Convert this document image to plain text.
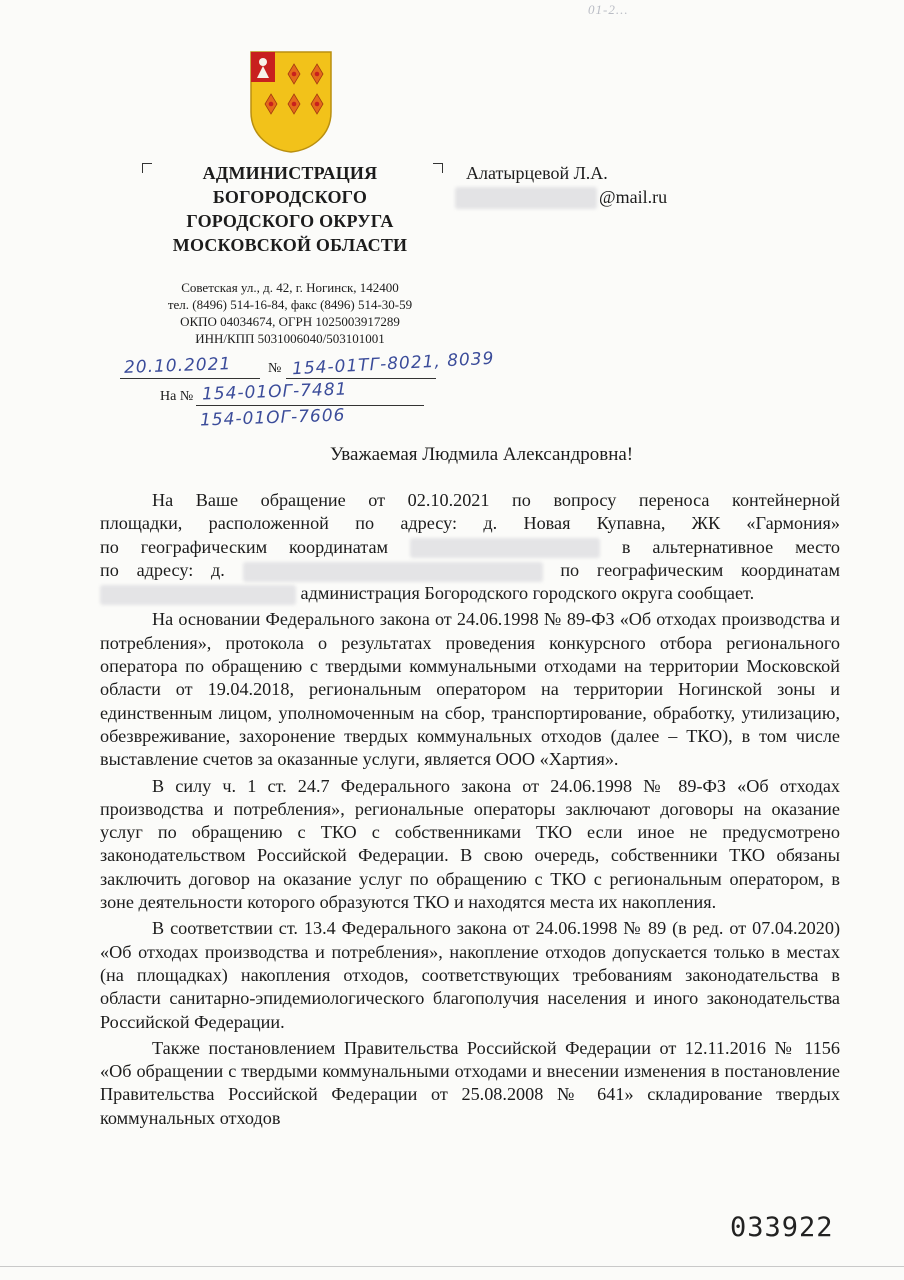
01-2...
АДМИНИСТРАЦИЯ
БОГОРОДСКОГО
ГОРОДСКОГО ОКРУГА
МОСКОВСКОЙ ОБЛАСТИ
Советская ул., д. 42, г. Ногинск, 142400
тел. (8496) 514-16-84, факс (8496) 514-30-59
ОКПО 04034674, ОГРН 1025003917289
ИНН/КПП 5031006040/503101001
Алатырцевой Л.А.
@mail.ru
20.10.2021	№ 154-01ТГ-8021, 8039
На № 154-01ОГ-7481
154-01ОГ-7606
Уважаемая Людмила Александровна!

На Ваше обращение от 02.10.2021 по вопросу переноса контейнерной
площадки, расположенной по адресу: д. Новая Купавна, ЖК «Гармония»
по географическим координатам	в альтернативное место
по адресу: д.	по географическим координатам
администрация Богородского городского округа сообщает.

На основании Федерального закона от 24.06.1998 № 89-ФЗ «Об отходах производства и потребления», протокола о результатах проведения конкурсного отбора регионального оператора по обращению с твердыми коммунальными отходами на территории Московской области от 19.04.2018, региональным оператором на территории Ногинской зоны и единственным лицом, уполномоченным на сбор, транспортирование, обработку, утилизацию, обезвреживание, захоронение твердых коммунальных отходов (далее – ТКО), в том числе выставление счетов за оказанные услуги, является ООО «Хартия».

В силу ч. 1 ст. 24.7 Федерального закона от 24.06.1998 № 89-ФЗ «Об отходах производства и потребления», региональные операторы заключают договоры на оказание услуг по обращению с ТКО с собственниками ТКО если иное не предусмотрено законодательством Российской Федерации. В свою очередь, собственники ТКО обязаны заключить договор на оказание услуг по обращению с ТКО с региональным оператором, в зоне деятельности которого образуются ТКО и находятся места их накопления.

В соответствии ст. 13.4 Федерального закона от 24.06.1998 № 89 (в ред. от 07.04.2020) «Об отходах производства и потребления», накопление отходов допускается только в местах (на площадках) накопления отходов, соответствующих требованиям законодательства в области санитарно-эпидемиологического благополучия населения и иного законодательства Российской Федерации.

Также постановлением Правительства Российской Федерации от 12.11.2016 № 1156 «Об обращении с твердыми коммунальными отходами и внесении изменения в постановление Правительства Российской Федерации от 25.08.2008 № 641» складирование твердых коммунальных отходов

033922
